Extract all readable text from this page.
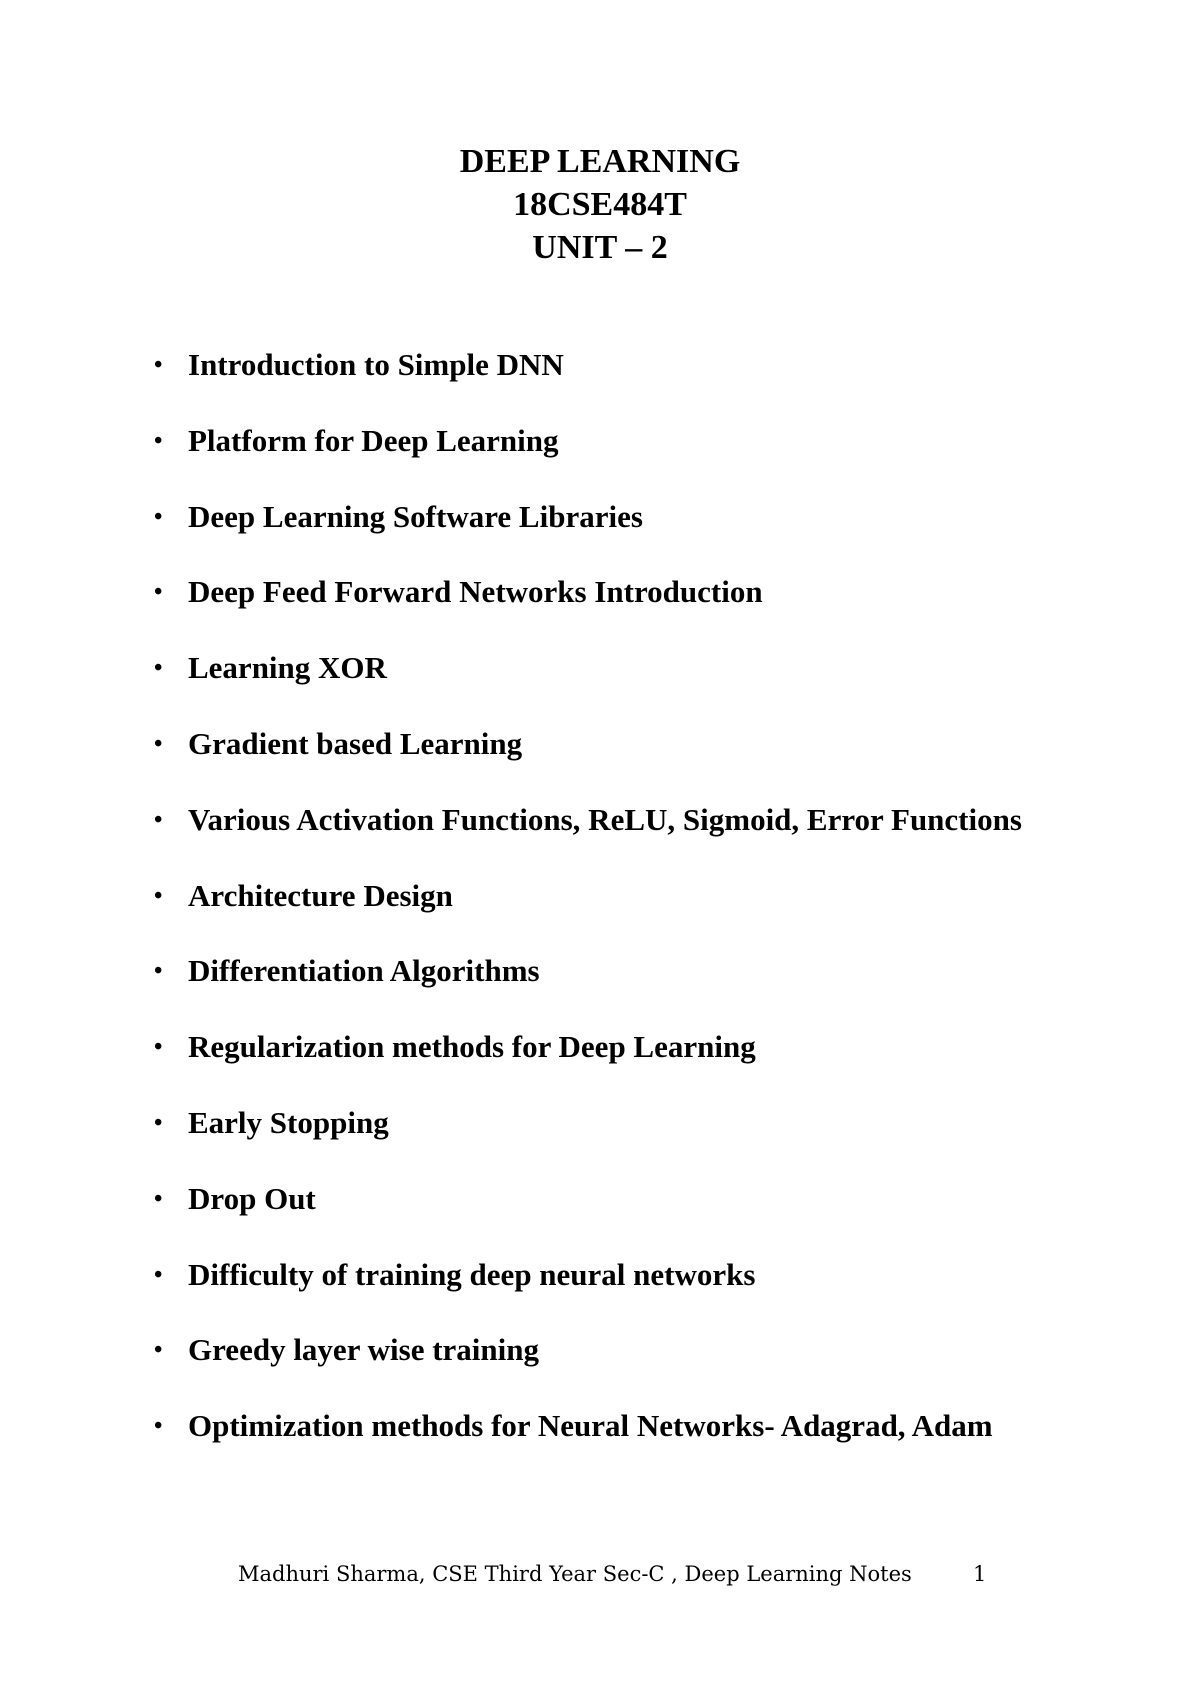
DEEP LEARNING
18CSE484T
UNIT – 2
• Introduction to Simple DNN
• Platform for Deep Learning
• Deep Learning Software Libraries
• Deep Feed Forward Networks Introduction
• Learning XOR
• Gradient based Learning
• Various Activation Functions, ReLU, Sigmoid, Error Functions
• Architecture Design
• Differentiation Algorithms
• Regularization methods for Deep Learning
• Early Stopping
• Drop Out
• Difficulty of training deep neural networks
• Greedy layer wise training
• Optimization methods for Neural Networks- Adagrad, Adam
Madhuri Sharma, CSE Third Year Sec-C , Deep Learning Notes	1
